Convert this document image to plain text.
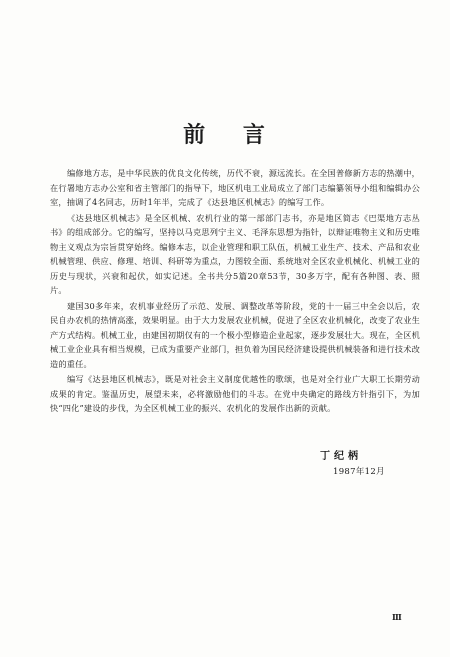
前 言

编修地方志，是中华民族的优良文化传统，历代不衰，源远流长。在全国普修新方志的热潮中，在行署地方志办公室和省主管部门的指导下，地区机电工业局成立了部门志编纂领导小组和编辑办公室，抽调了4名同志，历时1年半，完成了《达县地区机械志》的编写工作。

《达县地区机械志》是全区机械、农机行业的第一部部门志书，亦是地区简志《巴渠地方志丛书》的组成部分。它的编写，坚持以马克思列宁主义、毛泽东思想为指针，以辩证唯物主义和历史唯物主义观点为宗旨贯穿始终。编修本志，以企业管理和职工队伍，机械工业生产、技术、产品和农业机械管理、供应、修理、培训、科研等为重点，力图较全面、系统地对全区农业机械化、机械工业的历史与现状，兴衰和起伏，如实记述。全书共分5篇20章53节，30多万字，配有各种图、表、照片。

建国30多年来，农机事业经历了示范、发展、调整改革等阶段，党的十一届三中全会以后，农民自办农机的热情高涨，效果明显。由于大力发展农业机械，促进了全区农业机械化，改变了农业生产方式结构。机械工业，由建国初期仅有的一个极小型修造企业起家，逐步发展壮大。现在，全区机械工业企业具有相当规模，已成为重要产业部门，担负着为国民经济建设提供机械装备和进行技术改造的重任。

编写《达县地区机械志》，既是对社会主义制度优越性的歌颂，也是对全行业广大职工长期劳动成果的肯定。鉴温历史，展望未来，必将激励他们的斗志。在党中央确定的路线方针指引下，为加快“四化”建设的步伐，为全区机械工业的振兴、农机化的发展作出新的贡献。

丁纪柄
1987年12月
Ⅲ
